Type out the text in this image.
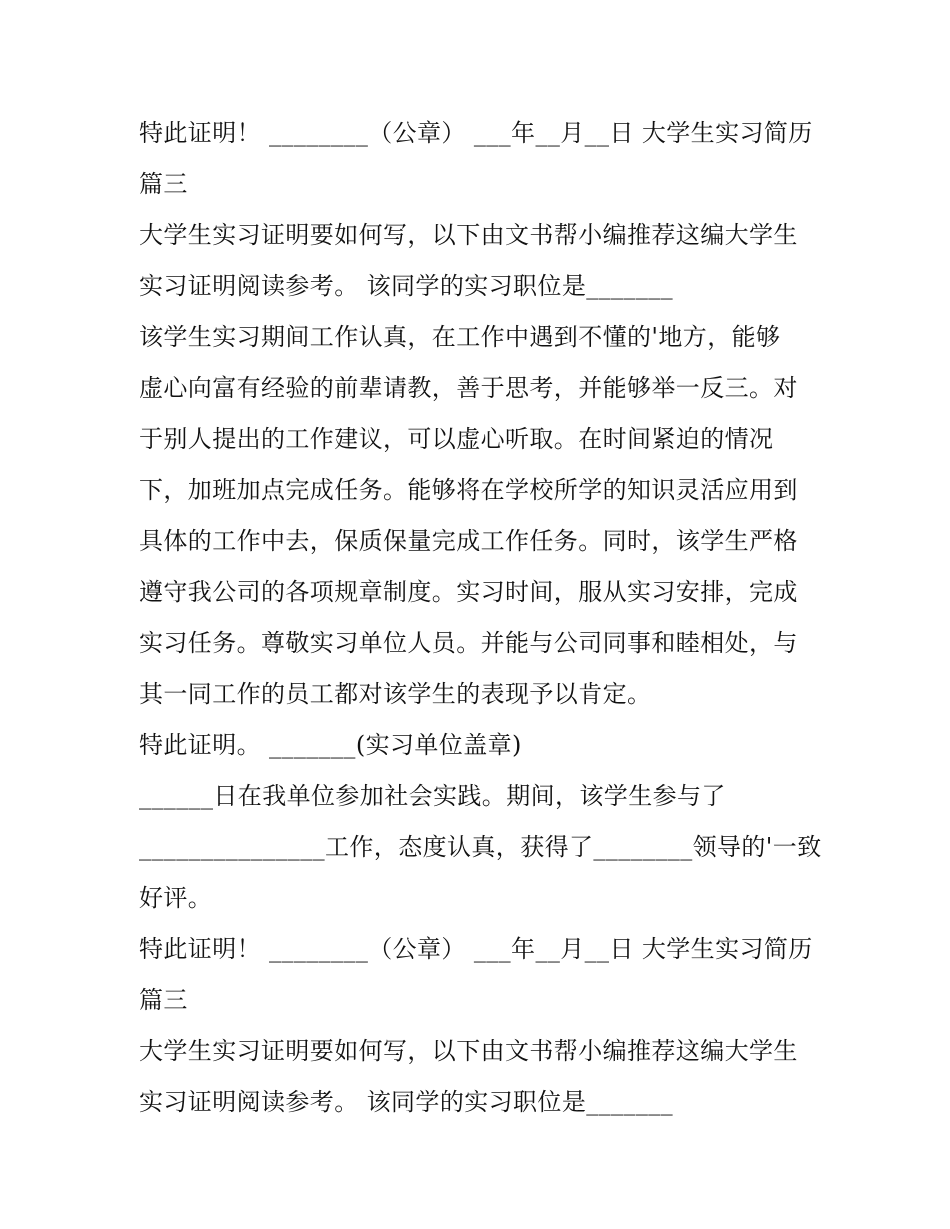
特此证明！ ________（公章） ___年__月__日 大学生实习简历
篇三
大学生实习证明要如何写，以下由文书帮小编推荐这编大学生
实习证明阅读参考。 该同学的实习职位是_______
该学生实习期间工作认真，在工作中遇到不懂的'地方，能够
虚心向富有经验的前辈请教，善于思考，并能够举一反三。对
于别人提出的工作建议，可以虚心听取。在时间紧迫的情况
下，加班加点完成任务。能够将在学校所学的知识灵活应用到
具体的工作中去，保质保量完成工作任务。同时，该学生严格
遵守我公司的各项规章制度。实习时间，服从实习安排，完成
实习任务。尊敬实习单位人员。并能与公司同事和睦相处，与
其一同工作的员工都对该学生的表现予以肯定。
特此证明。 _______(实习单位盖章)
______日在我单位参加社会实践。期间，该学生参与了
_______________工作，态度认真，获得了________领导的'一致
好评。
特此证明！ ________（公章） ___年__月__日 大学生实习简历
篇三
大学生实习证明要如何写，以下由文书帮小编推荐这编大学生
实习证明阅读参考。 该同学的实习职位是_______
